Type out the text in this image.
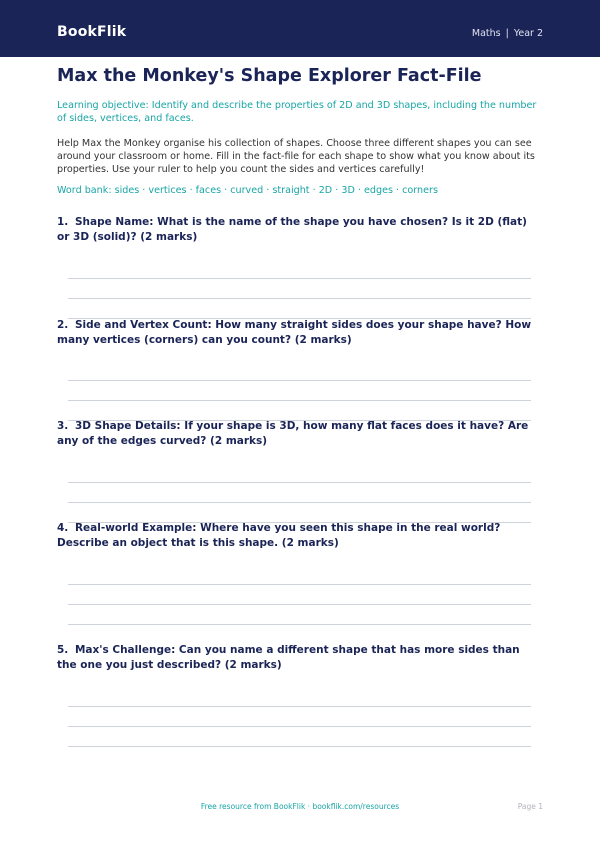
BookFlik	Maths | Year 2
Max the Monkey's Shape Explorer Fact-File
Learning objective: Identify and describe the properties of 2D and 3D shapes, including the number of sides, vertices, and faces.
Help Max the Monkey organise his collection of shapes. Choose three different shapes you can see around your classroom or home. Fill in the fact-file for each shape to show what you know about its properties. Use your ruler to help you count the sides and vertices carefully!
Word bank: sides · vertices · faces · curved · straight · 2D · 3D · edges · corners
1. Shape Name: What is the name of the shape you have chosen? Is it 2D (flat) or 3D (solid)? (2 marks)
2. Side and Vertex Count: How many straight sides does your shape have? How many vertices (corners) can you count? (2 marks)
3. 3D Shape Details: If your shape is 3D, how many flat faces does it have? Are any of the edges curved? (2 marks)
4. Real-world Example: Where have you seen this shape in the real world? Describe an object that is this shape. (2 marks)
5. Max's Challenge: Can you name a different shape that has more sides than the one you just described? (2 marks)
Free resource from BookFlik · bookflik.com/resources	Page 1
